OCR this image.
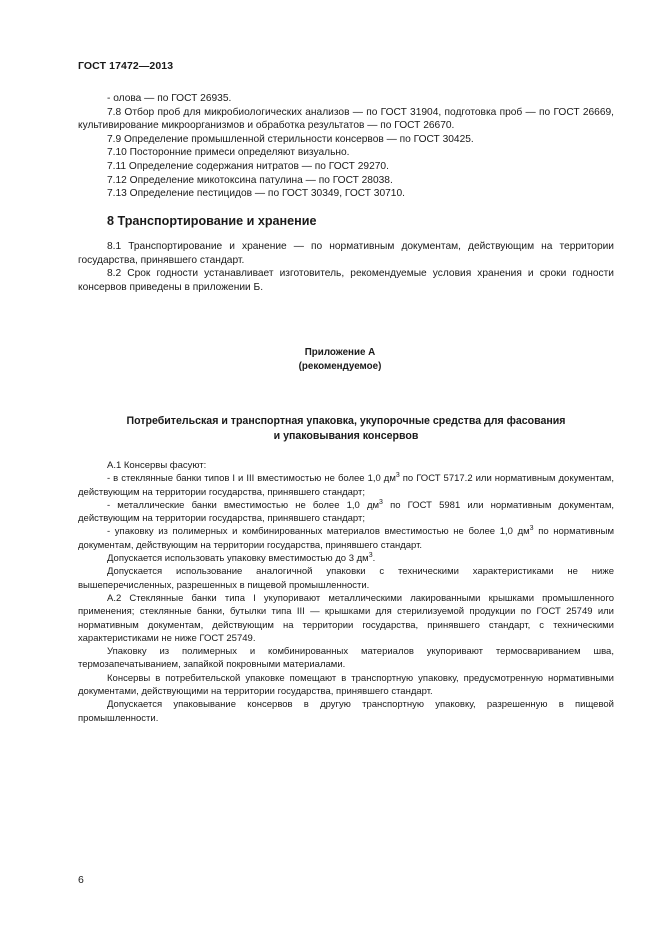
ГОСТ 17472—2013

- олова — по ГОСТ 26935.

7.8 Отбор проб для микробиологических анализов — по ГОСТ 31904, подготовка проб — по ГОСТ 26669, культивирование микроорганизмов и обработка результатов — по ГОСТ 26670.

7.9 Определение промышленной стерильности консервов — по ГОСТ 30425.

7.10 Посторонние примеси определяют визуально.

7.11 Определение содержания нитратов — по ГОСТ 29270.

7.12 Определение микотоксина патулина — по ГОСТ 28038.

7.13 Определение пестицидов — по ГОСТ 30349, ГОСТ 30710.

8 Транспортирование и хранение

8.1 Транспортирование и хранение — по нормативным документам, действующим на территории государства, принявшего стандарт.

8.2 Срок годности устанавливает изготовитель, рекомендуемые условия хранения и сроки годности консервов приведены в приложении Б.

Приложение А

(рекомендуемое)

Потребительская и транспортная упаковка, укупорочные средства для фасования
и упаковывания консервов

А.1 Консервы фасуют:

- в стеклянные банки типов I и III вместимостью не более 1,0 $дм^3$ по ГОСТ 5717.2 или нормативным документам, действующим на территории государства, принявшего стандарт;

- металлические банки вместимостью не более 1,0 $дм^3$ по ГОСТ 5981 или нормативным документам, действующим на территории государства, принявшего стандарт;

- упаковку из полимерных и комбинированных материалов вместимостью не более 1,0 $дм^3$ по нормативным документам, действующим на территории государства, принявшего стандарт.

Допускается использовать упаковку вместимостью до 3 $дм^3$.

Допускается использование аналогичной упаковки с техническими характеристиками не ниже вышеперечисленных, разрешенных в пищевой промышленности.

А.2 Стеклянные банки типа I укупоривают металлическими лакированными крышками промышленного применения; стеклянные банки, бутылки типа III — крышками для стерилизуемой продукции по ГОСТ 25749 или нормативным документам, действующим на территории государства, принявшего стандарт, с техническими характеристиками не ниже ГОСТ 25749.

Упаковку из полимерных и комбинированных материалов укупоривают термосвариванием шва, термозапечатыванием, запайкой покровными материалами.

Консервы в потребительской упаковке помещают в транспортную упаковку, предусмотренную нормативными документами, действующими на территории государства, принявшего стандарт.

Допускается упаковывание консервов в другую транспортную упаковку, разрешенную в пищевой промышленности.

6
